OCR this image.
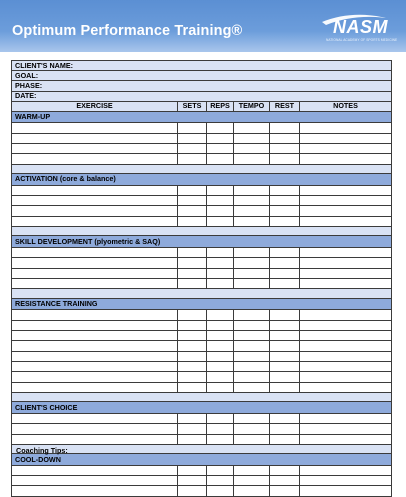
Optimum Performance Training®	NASM
NATIONAL ACADEMY OF SPORTS MEDICINE
CLIENT'S NAME:					
GOAL:					
PHASE:					
DATE:					
EXERCISE	SETS	REPS	TEMPO	REST	NOTES
WARM-UP					

ACTIVATION (core & balance)					

SKILL DEVELOPMENT (plyometric & SAQ)					

RESISTANCE TRAINING					

CLIENT'S CHOICE					

COOL-DOWN					

Coaching Tips:
